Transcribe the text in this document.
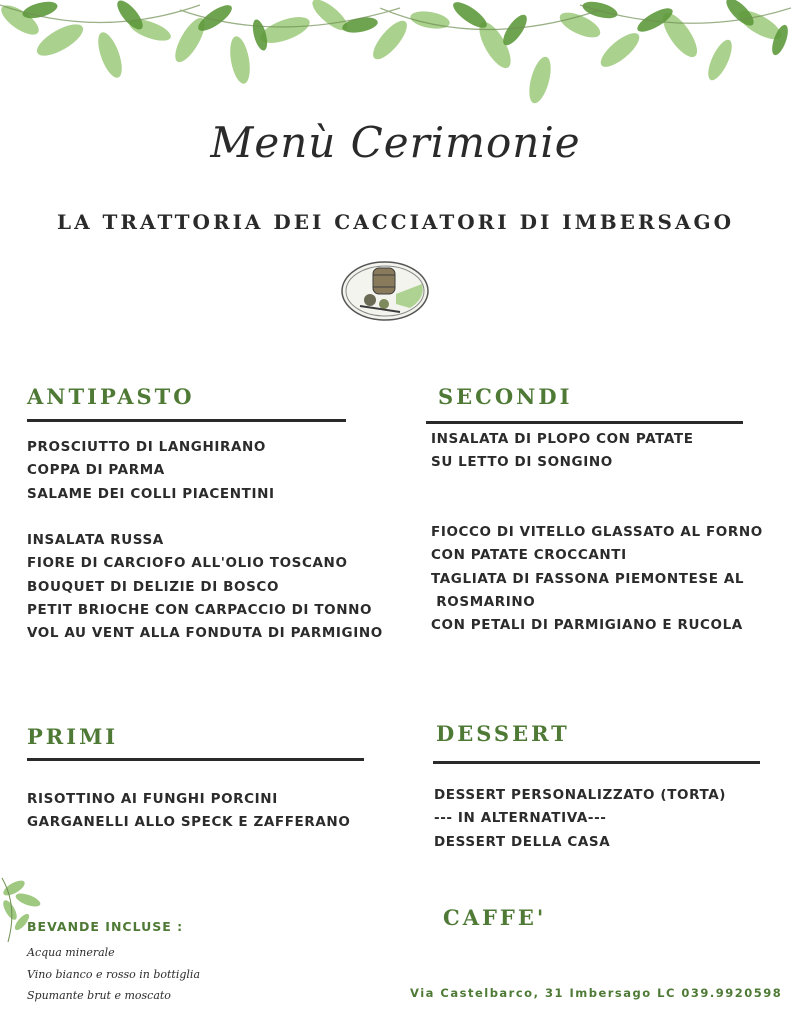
Menù Cerimonie
LA TRATTORIA DEI CACCIATORI DI IMBERSAGO
ANTIPASTO
PROSCIUTTO DI LANGHIRANO
COPPA DI PARMA
SALAME DEI COLLI PIACENTINI
INSALATA RUSSA
FIORE DI CARCIOFO ALL'OLIO TOSCANO
BOUQUET DI DELIZIE DI BOSCO
PETIT BRIOCHE CON CARPACCIO DI TONNO
VOL AU VENT ALLA FONDUTA DI PARMIGINO
SECONDI
INSALATA DI PLOPO CON PATATE
SU LETTO DI SONGINO
FIOCCO DI VITELLO GLASSATO AL FORNO
CON PATATE CROCCANTI
TAGLIATA DI FASSONA PIEMONTESE AL
ROSMARINO
CON PETALI DI PARMIGIANO E RUCOLA
PRIMI
RISOTTINO AI FUNGHI PORCINI
GARGANELLI ALLO SPECK E ZAFFERANO
DESSERT
DESSERT PERSONALIZZATO (TORTA)
--- IN ALTERNATIVA---
DESSERT DELLA CASA
CAFFE'
BEVANDE INCLUSE :
Acqua minerale
Vino bianco e rosso in bottiglia
Spumante brut e moscato	Via Castelbarco, 31 Imbersago LC 039.9920598
